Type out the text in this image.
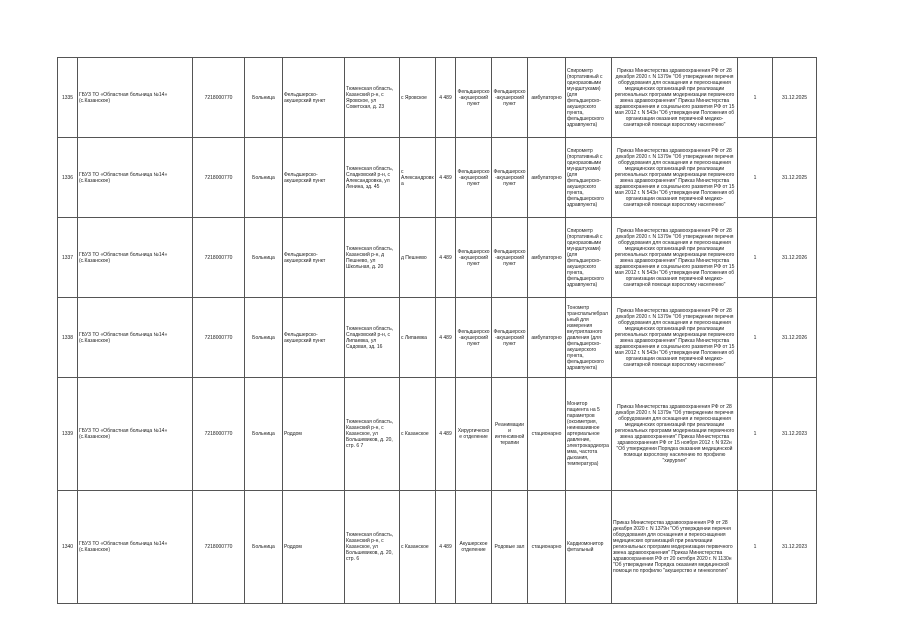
1335	ГБУЗ ТО «Областная больница №14» (с.Казанское)	7218000770	Больница	Фельдшерско-акушерский пункт	Тюменская область, Казанский р-н, с Яровское, ул Советская, д. 23	с Яровское	4 489	Фельдшерско-акушерский пункт	Фельдшерско-акушерский пункт	амбулаторно	Спирометр (портативный с одноразовыми мундштуками) (для фельдшерско-акушерского пункта, фельдшерского здравпункта)	Приказ Министерства здравоохранения РФ от 28 декабря 2020 г. N 1379н "Об утверждении перечня оборудования для оснащения и переоснащения медицинских организаций при реализации региональных программ модернизации первичного звена здравоохранения" Приказ Министерства здравоохранения и социального развития РФ от 15 мая 2012 г. N 543н "Об утверждении Положения об организации оказания первичной медико-санитарной помощи взрослому населению"	1	31.12.2025
1336	ГБУЗ ТО «Областная больница №14» (с.Казанское)	7218000770	Больница	Фельдшерско-акушерский пункт	Тюменская область, Сладковский р-н, с Александровка, ул Ленина, зд. 45	с Александровка	4 489	Фельдшерско-акушерский пункт	Фельдшерско-акушерский пункт	амбулаторно	Спирометр (портативный с одноразовыми мундштуками) (для фельдшерско-акушерского пункта, фельдшерского здравпункта)	Приказ Министерства здравоохранения РФ от 28 декабря 2020 г. N 1379н "Об утверждении перечня оборудования для оснащения и переоснащения медицинских организаций при реализации региональных программ модернизации первичного звена здравоохранения" Приказ Министерства здравоохранения и социального развития РФ от 15 мая 2012 г. N 543н "Об утверждении Положения об организации оказания первичной медико-санитарной помощи взрослому населению"	1	31.12.2025
1337	ГБУЗ ТО «Областная больница №14» (с.Казанское)	7218000770	Больница	Фельдшерско-акушерский пункт	Тюменская область, Казанский р-н, д Пешнево, ул Школьная, д. 20	д Пешнево	4 489	Фельдшерско-акушерский пункт	Фельдшерско-акушерский пункт	амбулаторно	Спирометр (портативный с одноразовыми мундштуками) (для фельдшерско-акушерского пункта, фельдшерского здравпункта)	Приказ Министерства здравоохранения РФ от 28 декабря 2020 г. N 1379н "Об утверждении перечня оборудования для оснащения и переоснащения медицинских организаций при реализации региональных программ модернизации первичного звена здравоохранения" Приказ Министерства здравоохранения и социального развития РФ от 15 мая 2012 г. N 543н "Об утверждении Положения об организации оказания первичной медико-санитарной помощи взрослому населению"	1	31.12.2026
1338	ГБУЗ ТО «Областная больница №14» (с.Казанское)	7218000770	Больница	Фельдшерско-акушерский пункт	Тюменская область, Сладковский р-н, с Липаевка, ул Садовая, зд. 16	с Липаевка	4 489	Фельдшерско-акушерский пункт	Фельдшерско-акушерский пункт	амбулаторно	Тонометр транспальпебральный для измерения внутриглазного давления (для фельдшерско-акушерского пункта, фельдшерского здравпункта)	Приказ Министерства здравоохранения РФ от 28 декабря 2020 г. N 1379н "Об утверждении перечня оборудования для оснащения и переоснащения медицинских организаций при реализации региональных программ модернизации первичного звена здравоохранения" Приказ Министерства здравоохранения и социального развития РФ от 15 мая 2012 г. N 543н "Об утверждении Положения об организации оказания первичной медико-санитарной помощи взрослому населению"	1	31.12.2026
1339	ГБУЗ ТО «Областная больница №14» (с.Казанское)	7218000770	Больница	Роддом	Тюменская область, Казанский р-н, с Казанское, ул Большевиков, д. 20, стр. 6 7	с Казанское	4 489	Хирургическое отделение	Реанимации и интенсивной терапии	стационарно	Монитор пациента на 5 параметров (оксиметрия, неинвазивное артериальное давление, электрокардиограмма, частота дыхания, температура)	Приказ Министерства здравоохранения РФ от 28 декабря 2020 г. N 1379н "Об утверждении перечня оборудования для оснащения и переоснащения медицинских организаций при реализации региональных программ модернизации первичного звена здравоохранения" Приказ Министерства здравоохранения РФ от 15 ноября 2012 г. N 922н "Об утверждении Порядка оказания медицинской помощи взрослому населению по профилю "хирургия"	1	31.12.2023
1340	ГБУЗ ТО «Областная больница №14» (с.Казанское)	7218000770	Больница	Роддом	Тюменская область, Казанский р-н, с Казанское, ул Большевиков, д. 20, стр. 6	с Казанское	4 489	Акушерское отделение	Родовые зал	стационарно	Кардиомонитор фетальный	Приказ Министерства здравоохранения РФ от 28 декабря 2020 г. N 1379н "Об утверждении перечня оборудования для оснащения и переоснащения медицинских организаций при реализации региональных программ модернизации первичного звена здравоохранения" Приказ Министерства здравоохранения РФ от 20 октября 2020 г. N 1130н "Об утверждении Порядка оказания медицинской помощи по профилю "акушерство и гинекология"	1	31.12.2023
